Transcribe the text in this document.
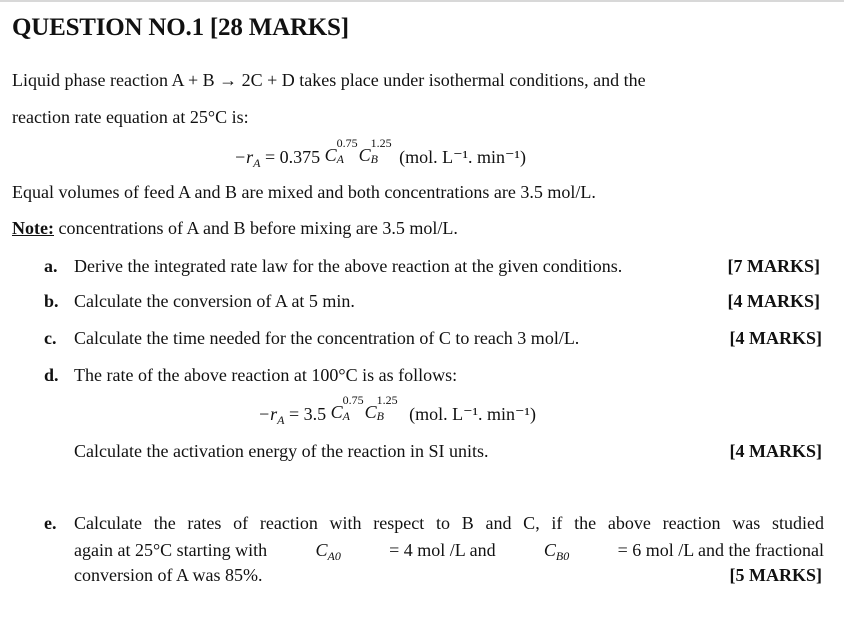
QUESTION NO.1 [28 MARKS]
Liquid phase reaction A + B → 2C + D takes place under isothermal conditions, and the
reaction rate equation at 25°C is:
$-r_A = 0.375$ C
0.75
A C
1.25
B (mol. L⁻¹. min⁻¹)
Equal volumes of feed A and B are mixed and both concentrations are 3.5 mol/L.
Note: concentrations of A and B before mixing are 3.5 mol/L.
a. Derive the integrated rate law for the above reaction at the given conditions.	[7 MARKS]
b. Calculate the conversion of A at 5 min.	[4 MARKS]
c. Calculate the time needed for the concentration of C to reach 3 mol/L.	[4 MARKS]
d. The rate of the above reaction at 100°C is as follows:
$-r_A = 3.5$ C
0.75
A C
1.25
B (mol. L⁻¹. min⁻¹)
Calculate the activation energy of the reaction in SI units.	[4 MARKS]
e. Calculate the rates of reaction with respect to B and C, if the above reaction was studied
again at 25°C starting with	$C_{A0}$	= 4 mol /L and	$C_{B0}$	= 6 mol /L and the fractional
conversion of A was 85%.	[5 MARKS]
